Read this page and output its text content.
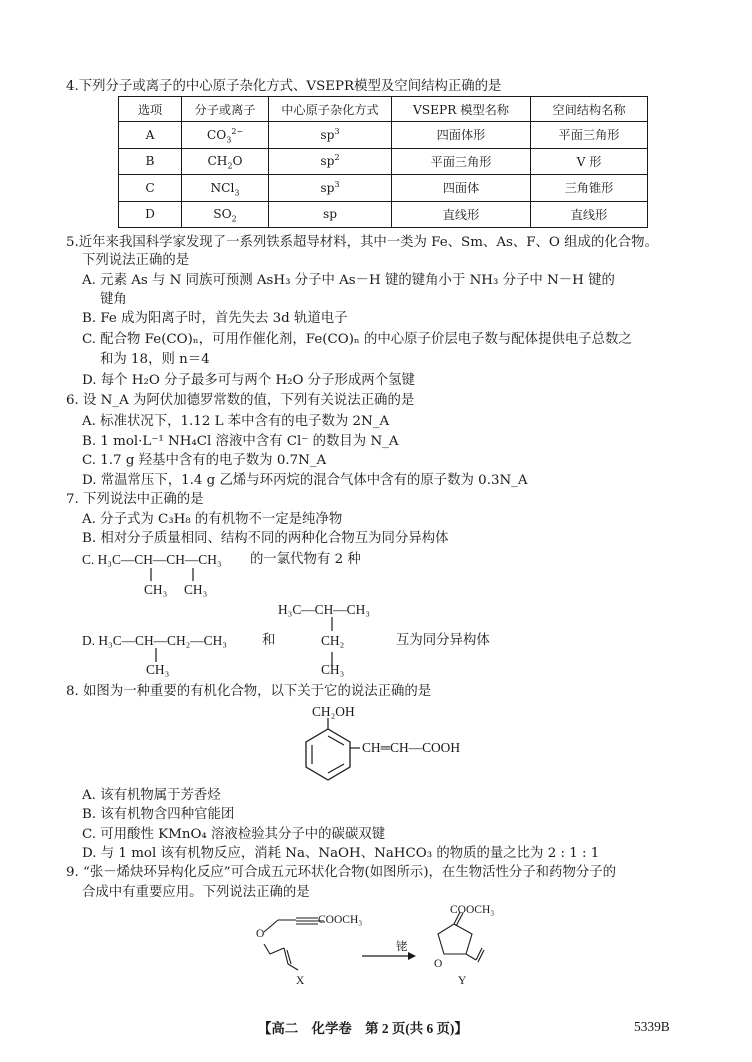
4.下列分子或离子的中心原子杂化方式、VSEPR模型及空间结构正确的是
选项	分子或离子	中心原子杂化方式	VSEPR 模型名称	空间结构名称
A	$CO_3^{2-}$	$sp^3$	四面体形	平面三角形
B	$CH_2O$	$sp^2$	平面三角形	V 形
C	NCl$_3$	$sp^3$	四面体	三角锥形
D	$SO_2$	sp	直线形	直线形
5.近年来我国科学家发现了一系列铁系超导材料，其中一类为 Fe、Sm、As、F、O 组成的化合物。
下列说法正确的是
A. 元素 As 与 N 同族可预测 AsH₃ 分子中 As－H 键的键角小于 NH₃ 分子中 N－H 键的
键角
B. Fe 成为阳离子时，首先失去 3d 轨道电子
C. 配合物 Fe(CO)ₙ，可用作催化剂，Fe(CO)ₙ 的中心原子价层电子数与配体提供电子总数之
和为 18，则 n＝4
D. 每个 H₂O 分子最多可与两个 H₂O 分子形成两个氢键
6. 设 N_A 为阿伏加德罗常数的值，下列有关说法正确的是
A. 标准状况下，1.12 L 苯中含有的电子数为 2N_A
B. 1 mol·L⁻¹ NH₄Cl 溶液中含有 Cl⁻ 的数目为 N_A
C. 1.7 g 羟基中含有的电子数为 0.7N_A
D. 常温常压下，1.4 g 乙烯与环丙烷的混合气体中含有的原子数为 0.3N_A
7. 下列说法中正确的是
A. 分子式为 C₃H₈ 的有机物不一定是纯净物
B. 相对分子质量相同、结构不同的两种化合物互为同分异构体
C. H₃C—CH—CH—CH₃ 的一氯代物有 2 种
CH₃ CH₃
H₃C—CH—CH₃
CH₂
CH₃
D. H₃C—CH—CH₂—CH₃	和	互为同分异构体
CH₃
8. 如图为一种重要的有机化合物，以下关于它的说法正确的是
CH₂OH
CH═CH—COOH
A. 该有机物属于芳香烃
B. 该有机物含四种官能团
C. 可用酸性 KMnO₄ 溶液检验其分子中的碳碳双键
D. 与 1 mol 该有机物反应，消耗 Na、NaOH、NaHCO₃ 的物质的量之比为 2 : 1 : 1
9. “张－烯炔环异构化反应”可合成五元环状化合物(如图所示)，在生物活性分子和药物分子的
合成中有重要应用。下列说法正确的是
COOCH₃
O
铑
COOCH₃
O
X	Y
【高二　化学卷　第 2 页(共 6 页)】	5339B
